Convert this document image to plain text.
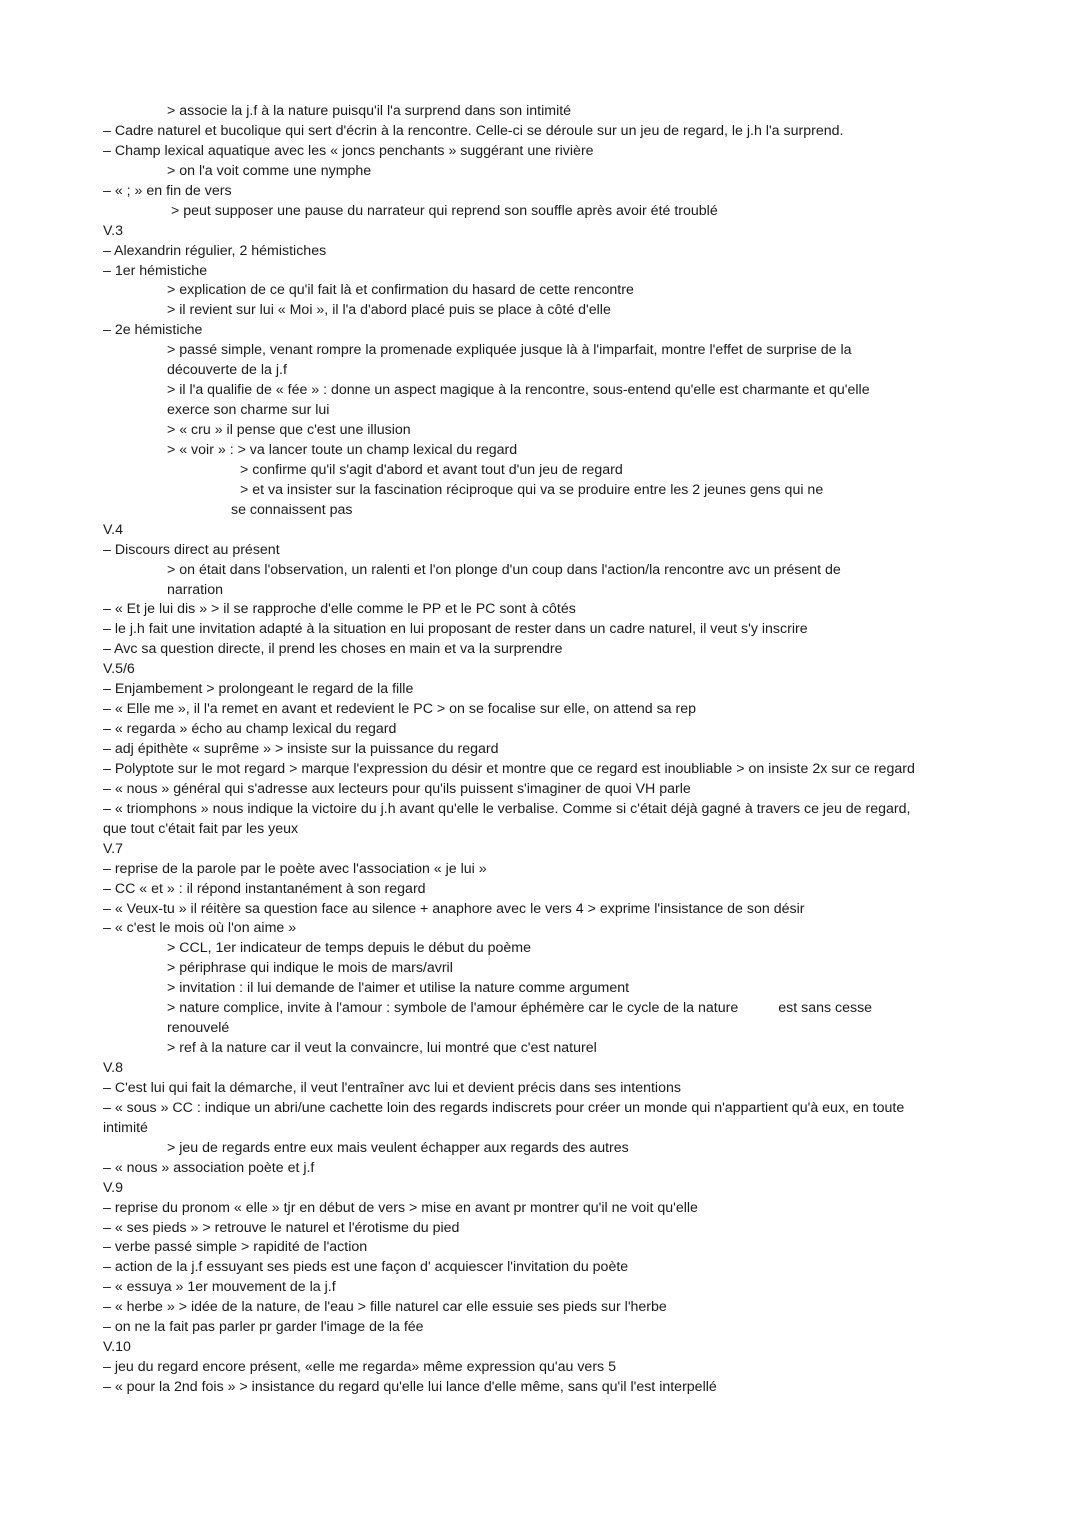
> associe la j.f à la nature puisqu'il l'a surprend dans son intimité
– Cadre naturel et bucolique qui sert d'écrin à la rencontre. Celle-ci se déroule sur un jeu de regard, le j.h l'a surprend.
– Champ lexical aquatique avec les « joncs penchants » suggérant une rivière
> on l'a voit comme une nymphe
– « ; » en fin de vers
> peut supposer une pause du narrateur qui reprend son souffle après avoir été troublé
V.3
– Alexandrin régulier, 2 hémistiches
– 1er hémistiche
> explication de ce qu'il fait là et confirmation du hasard de cette rencontre
> il revient sur lui « Moi », il l'a d'abord placé puis se place à côté d'elle
– 2e hémistiche
> passé simple, venant rompre la promenade expliquée jusque là à l'imparfait, montre l'effet de surprise de la
découverte de la j.f
> il l'a qualifie de « fée » : donne un aspect magique à la rencontre, sous-entend qu'elle est charmante et qu'elle
exerce son charme sur lui
> « cru » il pense que c'est une illusion
> « voir » : > va lancer toute un champ lexical du regard
> confirme qu'il s'agit d'abord et avant tout d'un jeu de regard
> et va insister sur la fascination réciproque qui va se produire entre les 2 jeunes gens qui ne
se connaissent pas
V.4
– Discours direct au présent
> on était dans l'observation, un ralenti et l'on plonge d'un coup dans l'action/la rencontre avc un présent de
narration
– « Et je lui dis » > il se rapproche d'elle comme le PP et le PC sont à côtés
– le j.h fait une invitation adapté à la situation en lui proposant de rester dans un cadre naturel, il veut s'y inscrire
– Avc sa question directe, il prend les choses en main et va la surprendre
V.5/6
– Enjambement > prolongeant le regard de la fille
– « Elle me », il l'a remet en avant et redevient le PC > on se focalise sur elle, on attend sa rep
– « regarda » écho au champ lexical du regard
– adj épithète « suprême » > insiste sur la puissance du regard
– Polyptote sur le mot regard > marque l'expression du désir et montre que ce regard est inoubliable > on insiste 2x sur ce regard
– « nous » général qui s'adresse aux lecteurs pour qu'ils puissent s'imaginer de quoi VH parle
– « triomphons » nous indique la victoire du j.h avant qu'elle le verbalise. Comme si c'était déjà gagné à travers ce jeu de regard,
que tout c'était fait par les yeux
V.7
– reprise de la parole par le poète avec l'association « je lui »
– CC « et » : il répond instantanément à son regard
– « Veux-tu » il réitère sa question face au silence + anaphore avec le vers 4 > exprime l'insistance de son désir
– « c'est le mois où l'on aime »
> CCL, 1er indicateur de temps depuis le début du poème
> périphrase qui indique le mois de mars/avril
> invitation : il lui demande de l'aimer et utilise la nature comme argument
> nature complice, invite à l'amour : symbole de l'amour éphémère car le cycle de la nature	est sans cesse
renouvelé
> ref à la nature car il veut la convaincre, lui montré que c'est naturel
V.8
– C'est lui qui fait la démarche, il veut l'entraîner avc lui et devient précis dans ses intentions
– « sous » CC : indique un abri/une cachette loin des regards indiscrets pour créer un monde qui n'appartient qu'à eux, en toute
intimité
> jeu de regards entre eux mais veulent échapper aux regards des autres
– « nous » association poète et j.f
V.9
– reprise du pronom « elle » tjr en début de vers > mise en avant pr montrer qu'il ne voit qu'elle
– « ses pieds » > retrouve le naturel et l'érotisme du pied
– verbe passé simple > rapidité de l'action
– action de la j.f essuyant ses pieds est une façon d' acquiescer l'invitation du poète
– « essuya » 1er mouvement de la j.f
– « herbe » > idée de la nature, de l'eau > fille naturel car elle essuie ses pieds sur l'herbe
– on ne la fait pas parler pr garder l'image de la fée
V.10
– jeu du regard encore présent, «elle me regarda» même expression qu'au vers 5
– « pour la 2nd fois » > insistance du regard qu'elle lui lance d'elle même, sans qu'il l'est interpellé
